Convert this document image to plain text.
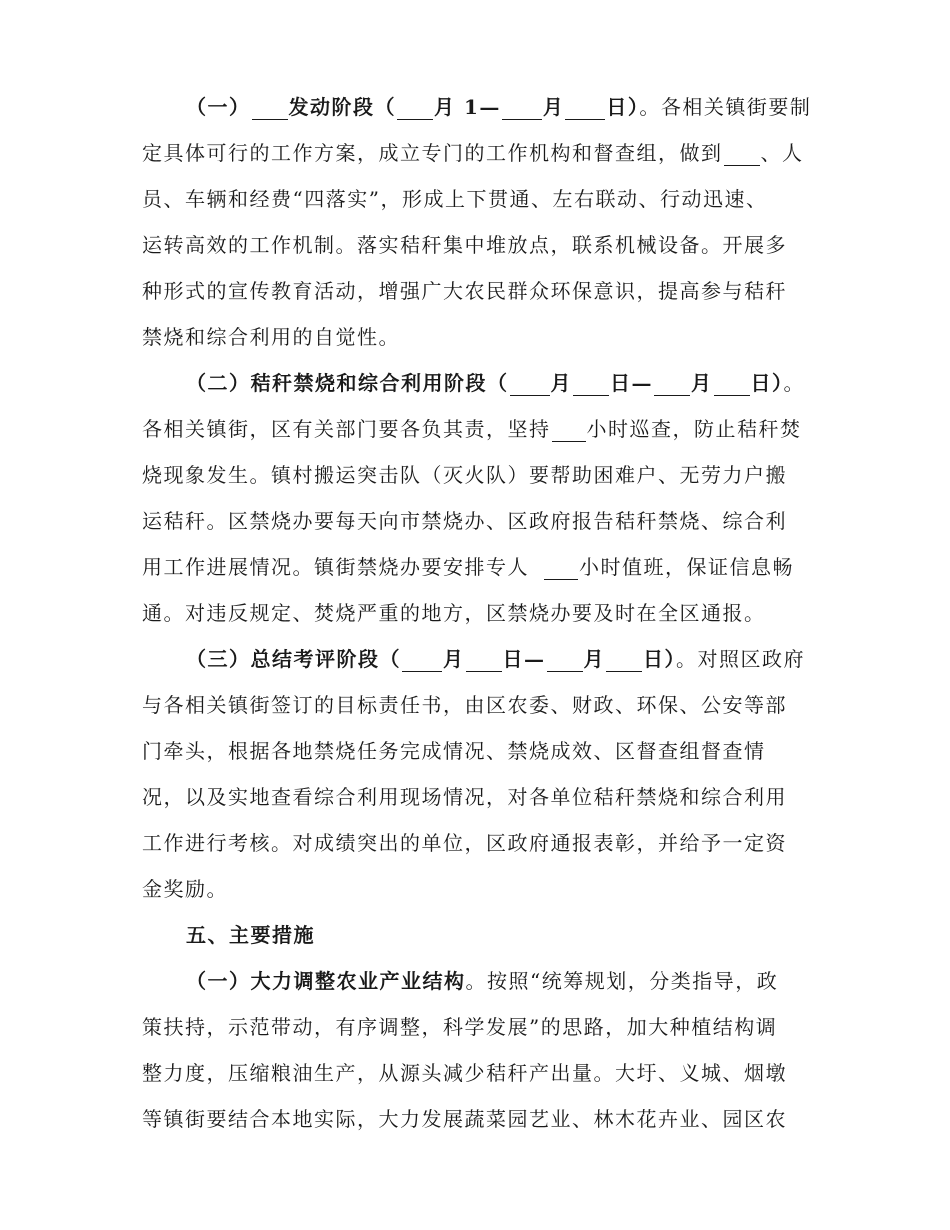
（一） 发动阶段（ 月 1— 月 日）。各相关镇街要制
定具体可行的工作方案，成立专门的工作机构和督查组，做到 、人
员、车辆和经费“四落实”，形成上下贯通、左右联动、行动迅速、
运转高效的工作机制。落实秸秆集中堆放点，联系机械设备。开展多
种形式的宣传教育活动，增强广大农民群众环保意识，提高参与秸秆
禁烧和综合利用的自觉性。
（二）秸秆禁烧和综合利用阶段（ 月 日— 月 日）。
各相关镇街，区有关部门要各负其责，坚持 小时巡查，防止秸秆焚
烧现象发生。镇村搬运突击队（灭火队）要帮助困难户、无劳力户搬
运秸秆。区禁烧办要每天向市禁烧办、区政府报告秸秆禁烧、综合利
用工作进展情况。镇街禁烧办要安排专人	小时值班，保证信息畅
通。对违反规定、焚烧严重的地方，区禁烧办要及时在全区通报。
（三）总结考评阶段（ 月 日— 月 日）。对照区政府
与各相关镇街签订的目标责任书，由区农委、财政、环保、公安等部
门牵头，根据各地禁烧任务完成情况、禁烧成效、区督查组督查情
况，以及实地查看综合利用现场情况，对各单位秸秆禁烧和综合利用
工作进行考核。对成绩突出的单位，区政府通报表彰，并给予一定资
金奖励。
五、主要措施
（一）大力调整农业产业结构。按照“统筹规划，分类指导，政
策扶持，示范带动，有序调整，科学发展”的思路，加大种植结构调
整力度，压缩粮油生产，从源头减少秸秆产出量。大圩、义城、烟墩
等镇街要结合本地实际，大力发展蔬菜园艺业、林木花卉业、园区农
